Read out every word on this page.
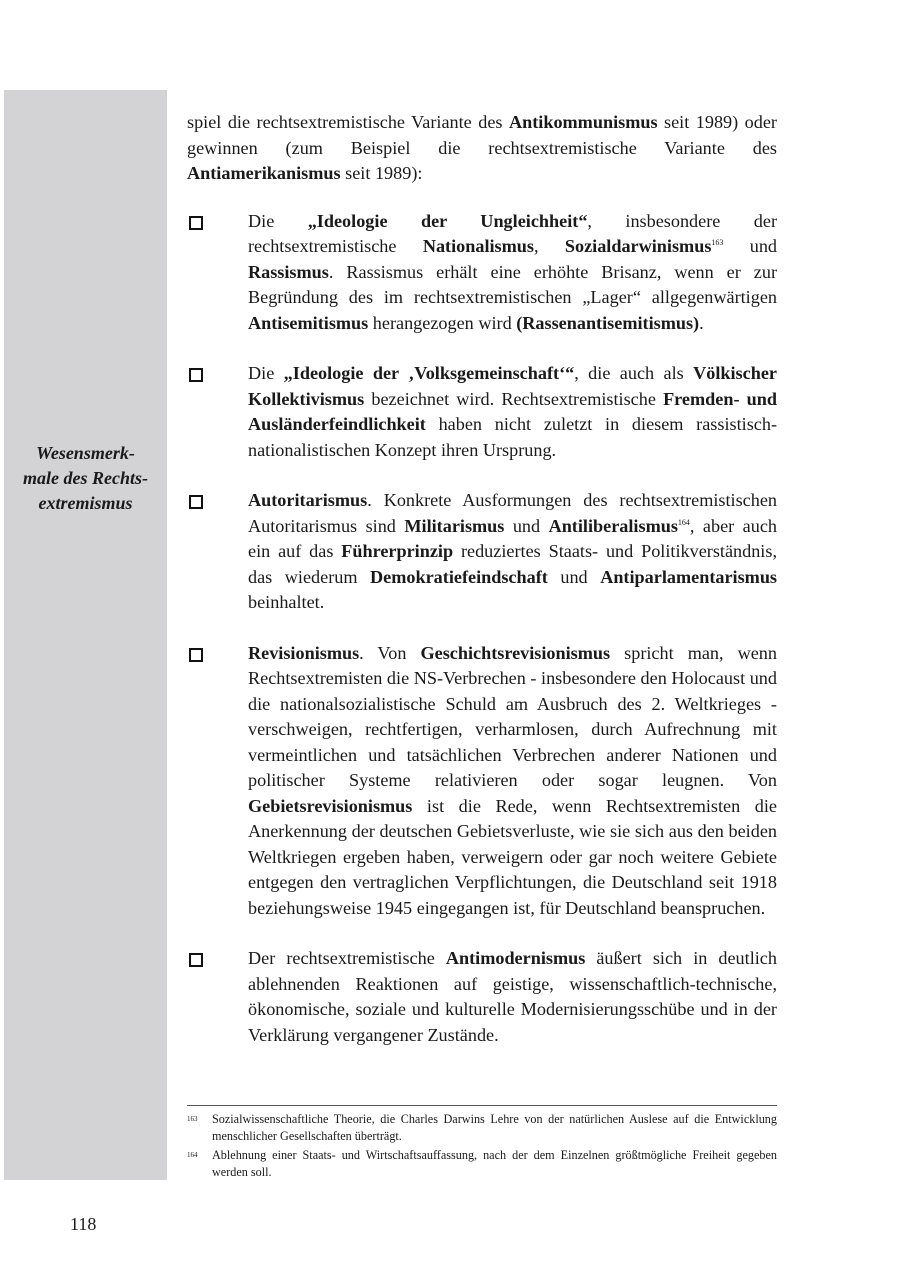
Wesensmerk-
male des Rechts-
extremismus

spiel die rechtsextremistische Variante des Antikommunismus seit 1989) oder gewinnen (zum Beispiel die rechtsextremistische Variante des Antiamerikanismus seit 1989):

Die „Ideologie der Ungleichheit“, insbesondere der rechtsextremistische Nationalismus, Sozialdarwinismus$^{163}$ und Rassismus. Rassismus erhält eine erhöhte Brisanz, wenn er zur Begründung des im rechtsextremistischen „Lager“ allgegenwärtigen Antisemitismus herangezogen wird (Rassenantisemitismus).

Die „Ideologie der ‚Volksgemeinschaft‘“, die auch als Völkischer Kollektivismus bezeichnet wird. Rechtsextremistische Fremden- und Ausländerfeindlichkeit haben nicht zuletzt in diesem rassistisch-nationalistischen Konzept ihren Ursprung.

Autoritarismus. Konkrete Ausformungen des rechtsextremistischen Autoritarismus sind Militarismus und Antiliberalismus$^{164}$, aber auch ein auf das Führerprinzip reduziertes Staats- und Politikverständnis, das wiederum Demokratiefeindschaft und Antiparlamentarismus beinhaltet.

Revisionismus. Von Geschichtsrevisionismus spricht man, wenn Rechtsextremisten die NS-Verbrechen - insbesondere den Holocaust und die nationalsozialistische Schuld am Ausbruch des 2. Weltkrieges - verschweigen, rechtfertigen, verharmlosen, durch Aufrechnung mit vermeintlichen und tatsächlichen Verbrechen anderer Nationen und politischer Systeme relativieren oder sogar leugnen. Von Gebietsrevisionismus ist die Rede, wenn Rechtsextremisten die Anerkennung der deutschen Gebietsverluste, wie sie sich aus den beiden Weltkriegen ergeben haben, verweigern oder gar noch weitere Gebiete entgegen den vertraglichen Verpflichtungen, die Deutschland seit 1918 beziehungsweise 1945 eingegangen ist, für Deutschland beanspruchen.

Der rechtsextremistische Antimodernismus äußert sich in deutlich ablehnenden Reaktionen auf geistige, wissenschaftlich-technische, ökonomische, soziale und kulturelle Modernisierungsschübe und in der Verklärung vergangener Zustände.

163 Sozialwissenschaftliche Theorie, die Charles Darwins Lehre von der natürlichen Auslese auf die Entwicklung menschlicher Gesellschaften überträgt.

164 Ablehnung einer Staats- und Wirtschaftsauffassung, nach der dem Einzelnen größtmögliche Freiheit gegeben werden soll.

118
